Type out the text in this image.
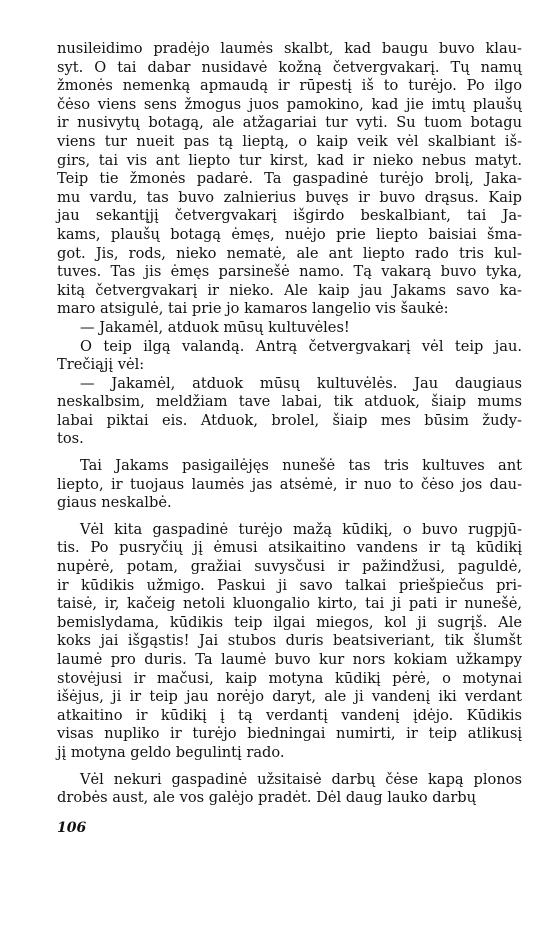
nusileidimo pradėjo laumės skalbt, kad baugu buvo klau-
syt. O tai dabar nusidavė kožną četvergvakarį. Tų namų
žmonės nemenką apmaudą ir rūpestį iš to turėjo. Po ilgo
čėso viens sens žmogus juos pamokino, kad jie imtų plaušų
ir nusivytų botagą, ale atžagariai tur vyti. Su tuom botagu
viens tur nueit pas tą lieptą, o kaip veik vėl skalbiant iš-
girs, tai vis ant liepto tur kirst, kad ir nieko nebus matyt.
Teip tie žmonės padarė. Ta gaspadinė turėjo brolį, Jaka-
mu vardu, tas buvo zalnierius buvęs ir buvo drąsus. Kaip
jau sekantįjį četvergvakarį išgirdo beskalbiant, tai Ja-
kams, plaušų botagą ėmęs, nuėjo prie liepto baisiai šma-
got. Jis, rods, nieko nematė, ale ant liepto rado tris kul-
tuves. Tas jis ėmęs parsinešė namo. Tą vakarą buvo tyka,
kitą četvergvakarį ir nieko. Ale kaip jau Jakams savo ka-
maro atsigulė, tai prie jo kamaros langelio vis šaukė:
— Jakamėl, atduok mūsų kultuvėles!
O teip ilgą valandą. Antrą četvergvakarį vėl teip jau.
Trečiąjį vėl:
— Jakamėl, atduok mūsų kultuvėlės. Jau daugiaus
neskalbsim, meldžiam tave labai, tik atduok, šiaip mums
labai piktai eis. Atduok, brolel, šiaip mes būsim žudy-
tos.
Tai Jakams pasigailėjęs nunešė tas tris kultuves ant
liepto, ir tuojaus laumės jas atsėmė, ir nuo to čėso jos dau-
giaus neskalbė.
Vėl kita gaspadinė turėjo mažą kūdikį, o buvo rugpjū-
tis. Po pusryčių jį ėmusi atsikaitino vandens ir tą kūdikį
nupėrė, potam, gražiai suvysčusi ir pažindžusi, paguldė,
ir kūdikis užmigo. Paskui ji savo talkai priešpiečus pri-
taisė, ir, kačeig netoli kluongalio kirto, tai ji pati ir nunešė,
bemislydama, kūdikis teip ilgai miegos, kol ji sugrįš. Ale
koks jai išgąstis! Jai stubos duris beatsiveriant, tik šlumšt
laumė pro duris. Ta laumė buvo kur nors kokiam užkampy
stovėjusi ir mačusi, kaip motyna kūdikį pėrė, o motynai
išėjus, ji ir teip jau norėjo daryt, ale ji vandenį iki verdant
atkaitino ir kūdikį į tą verdantį vandenį įdėjo. Kūdikis
visas nupliko ir turėjo biedningai numirti, ir teip atlikusį
jį motyna geldo begulintį rado.
Vėl nekuri gaspadinė užsitaisė darbų čėse kapą plonos
drobės aust, ale vos galėjo pradėt. Dėl daug lauko darbų
106
